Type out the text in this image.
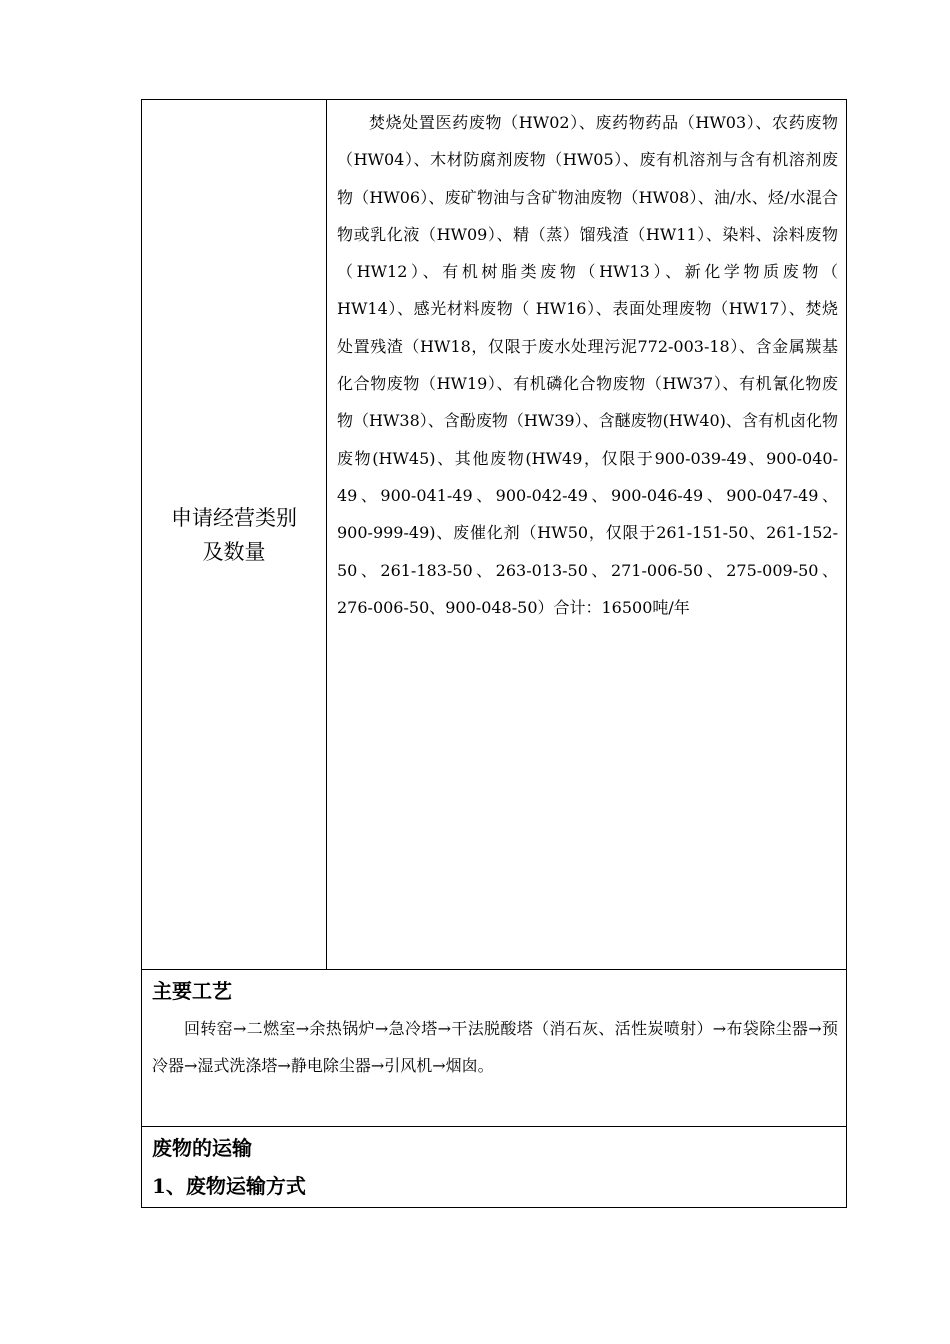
申请经营类别
及数量

焚烧处置医药废物（HW02）、废药物药品（HW03）、农药废物（HW04）、木材防腐剂废物（HW05）、废有机溶剂与含有机溶剂废物（HW06）、废矿物油与含矿物油废物（HW08）、油/水、烃/水混合物或乳化液（HW09）、精（蒸）馏残渣（HW11）、染料、涂料废物（HW12）、有机树脂类废物（HW13）、新化学物质废物（ HW14）、感光材料废物（ HW16）、表面处理废物（HW17）、焚烧处置残渣（HW18，仅限于废水处理污泥772-003-18）、含金属羰基化合物废物（HW19）、有机磷化合物废物（HW37）、有机氰化物废物（HW38）、含酚废物（HW39）、含醚废物(HW40)、含有机卤化物废物(HW45)、其他废物(HW49，仅限于900-039-49、900-040-49、900-041-49、900-042-49、900-046-49、900-047-49、900-999-49)、废催化剂（HW50，仅限于261-151-50、261-152-50、261-183-50、263-013-50、271-006-50、275-009-50、276-006-50、900-048-50）合计：16500吨/年

主要工艺

回转窑→二燃室→余热锅炉→急冷塔→干法脱酸塔（消石灰、活性炭喷射）→布袋除尘器→预冷器→湿式洗涤塔→静电除尘器→引风机→烟囱。

废物的运输

1、废物运输方式
